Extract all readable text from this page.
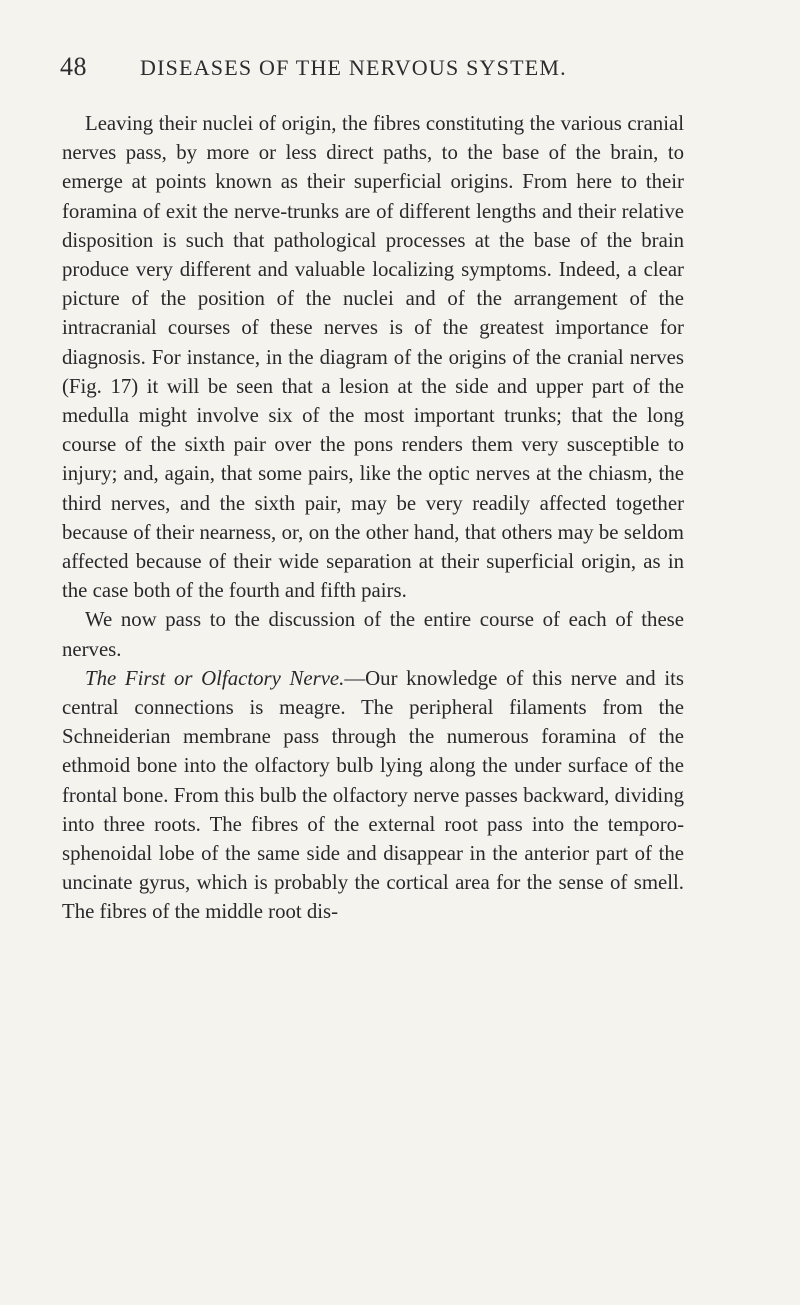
48 DISEASES OF THE NERVOUS SYSTEM.

Leaving their nuclei of origin, the fibres constituting the various cranial nerves pass, by more or less direct paths, to the base of the brain, to emerge at points known as their superficial origins. From here to their foramina of exit the nerve-trunks are of different lengths and their relative disposition is such that pathological processes at the base of the brain produce very different and valuable localizing symptoms. Indeed, a clear picture of the position of the nuclei and of the arrangement of the intracranial courses of these nerves is of the greatest importance for diagnosis. For instance, in the diagram of the origins of the cranial nerves (Fig. 17) it will be seen that a lesion at the side and upper part of the medulla might involve six of the most important trunks; that the long course of the sixth pair over the pons renders them very susceptible to injury; and, again, that some pairs, like the optic nerves at the chiasm, the third nerves, and the sixth pair, may be very readily affected together because of their nearness, or, on the other hand, that others may be seldom affected because of their wide separation at their superficial origin, as in the case both of the fourth and fifth pairs.

We now pass to the discussion of the entire course of each of these nerves.

The First or Olfactory Nerve.—Our knowledge of this nerve and its central connections is meagre. The peripheral filaments from the Schneiderian membrane pass through the numerous foramina of the ethmoid bone into the olfactory bulb lying along the under surface of the frontal bone. From this bulb the olfactory nerve passes backward, dividing into three roots. The fibres of the external root pass into the temporo-sphenoidal lobe of the same side and disappear in the anterior part of the uncinate gyrus, which is probably the cortical area for the sense of smell. The fibres of the middle root dis-
